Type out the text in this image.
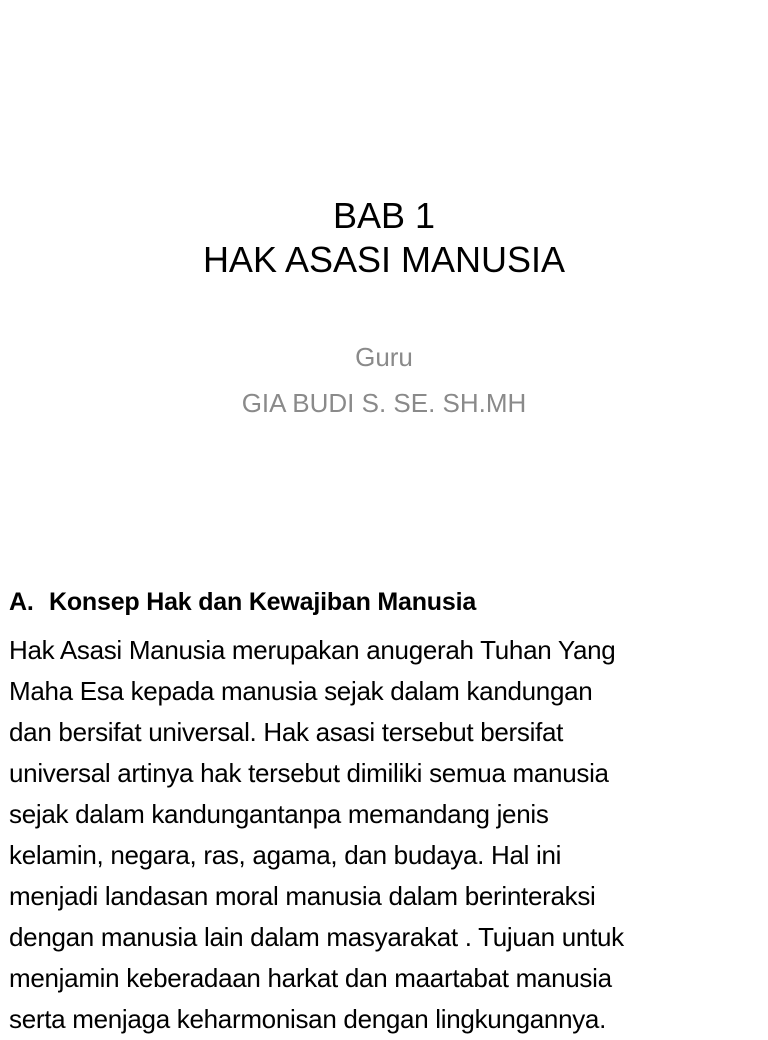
BAB 1
HAK ASASI MANUSIA
Guru
GIA BUDI S. SE. SH.MH
A. Konsep Hak dan Kewajiban Manusia
Hak Asasi Manusia merupakan anugerah Tuhan Yang
Maha Esa kepada manusia sejak dalam kandungan
dan bersifat universal. Hak asasi tersebut bersifat
universal artinya hak tersebut dimiliki semua manusia
sejak dalam kandungantanpa memandang jenis
kelamin, negara, ras, agama, dan budaya. Hal ini
menjadi landasan moral manusia dalam berinteraksi
dengan manusia lain dalam masyarakat . Tujuan untuk
menjamin keberadaan harkat dan maartabat manusia
serta menjaga keharmonisan dengan lingkungannya.
